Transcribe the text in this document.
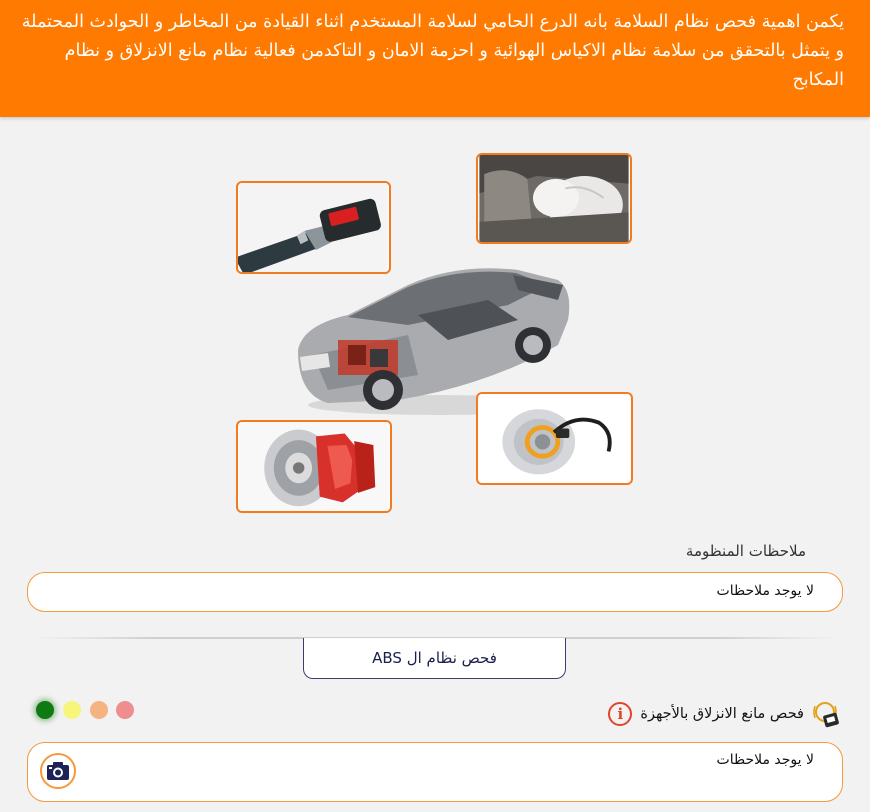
يكمن اهمية فحص نظام السلامة بانه الدرع الحامي لسلامة المستخدم اثناء القيادة من المخاطر و الحوادث المحتملة و يتمثل بالتحقق من سلامة نظام الاكياس الهوائية و احزمة الامان و التاكدمن فعالية نظام مانع الانزلاق و نظام المكابح

ملاحظات المنظومة
لا يوجد ملاحظات
فحص نظام ال ABS
i	فحص مانع الانزلاق بالأجهزة
لا يوجد ملاحظات
